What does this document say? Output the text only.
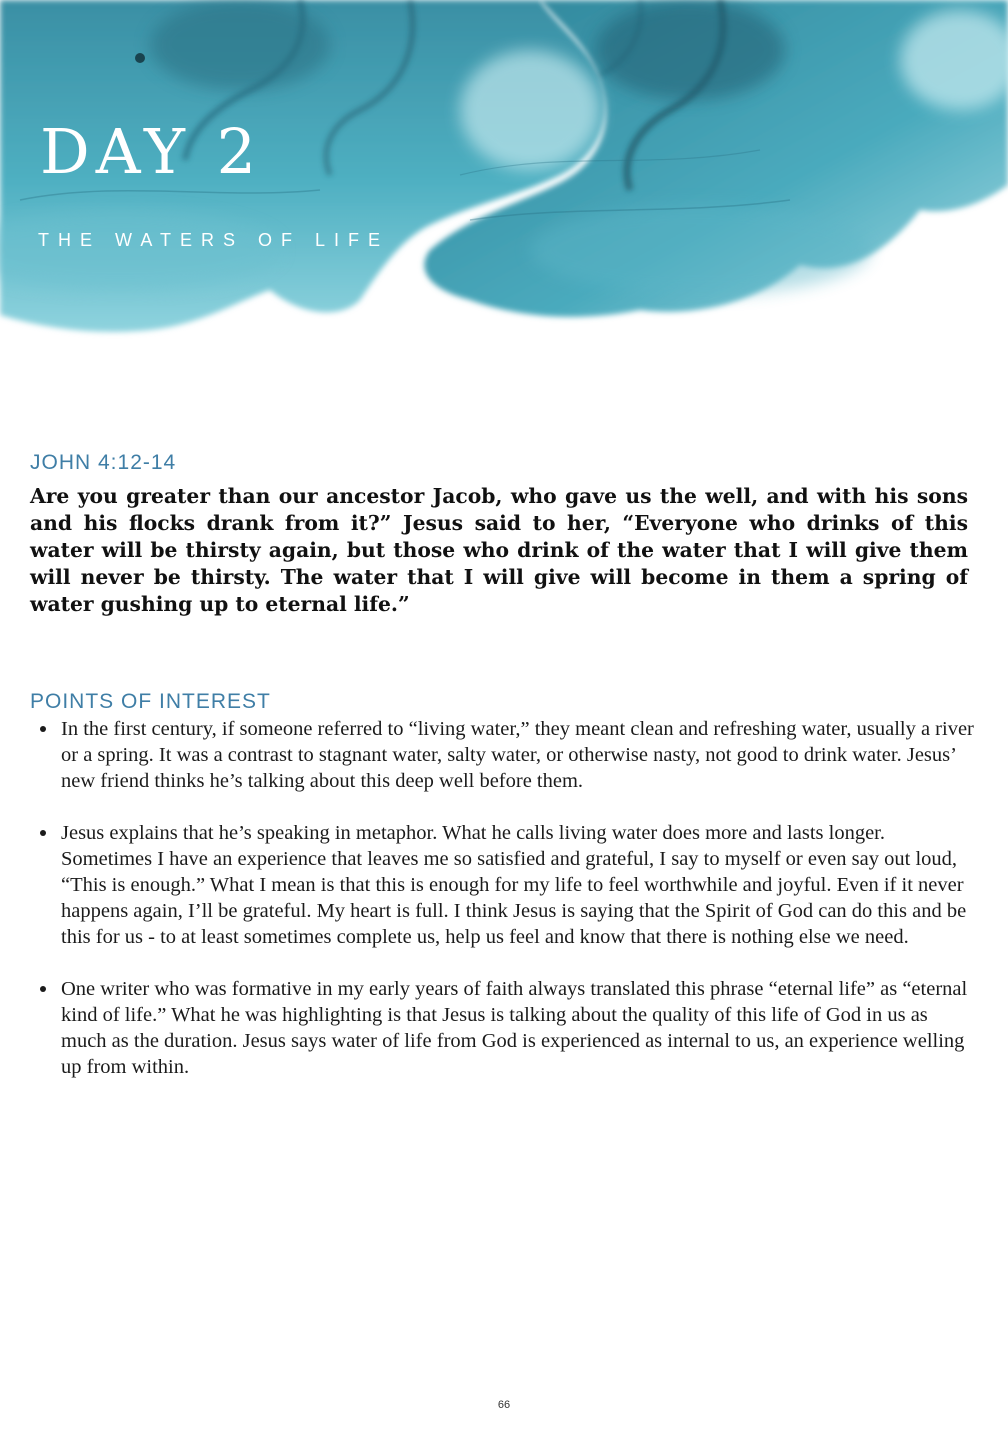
DAY 2
THE WATERS OF LIFE
JOHN 4:12-14

Are you greater than our ancestor Jacob, who gave us the well, and with his sons and his flocks drank from it?” Jesus said to her, “Everyone who drinks of this water will be thirsty again, but those who drink of the water that I will give them will never be thirsty. The water that I will give will become in them a spring of water gushing up to eternal life.”

POINTS OF INTEREST
In the first century, if someone referred to “living water,” they meant clean and refreshing water, usually a river or a spring. It was a contrast to stagnant water, salty water, or otherwise nasty, not good to drink water. Jesus’ new friend thinks he’s talking about this deep well before them.
Jesus explains that he’s speaking in metaphor. What he calls living water does more and lasts longer. Sometimes I have an experience that leaves me so satisfied and grateful, I say to myself or even say out loud, “This is enough.” What I mean is that this is enough for my life to feel worthwhile and joyful. Even if it never happens again, I’ll be grateful. My heart is full. I think Jesus is saying that the Spirit of God can do this and be this for us - to at least sometimes complete us, help us feel and know that there is nothing else we need.
One writer who was formative in my early years of faith always translated this phrase “eternal life” as “eternal kind of life.” What he was highlighting is that Jesus is talking about the quality of this life of God in us as much as the duration. Jesus says water of life from God is experienced as internal to us, an experience welling up from within.
66
